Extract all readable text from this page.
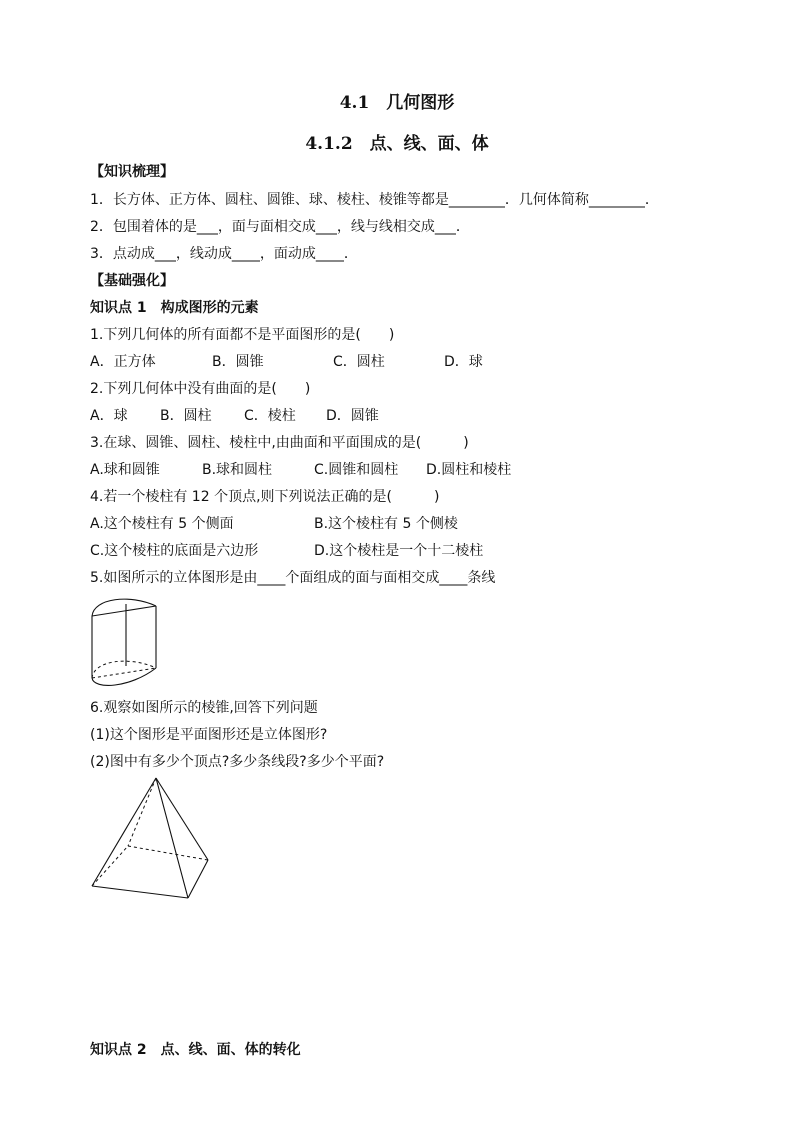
4.1　几何图形
4.1.2　点、线、面、体
【知识梳理】
1．长方体、正方体、圆柱、圆锥、球、棱柱、棱锥等都是________．几何体简称________．
2．包围着体的是___，面与面相交成___，线与线相交成___．
3．点动成___，线动成____，面动成____．
【基础强化】
知识点 1　构成图形的元素
1.下列几何体的所有面都不是平面图形的是(　　)
A．正方体	B．圆锥	C．圆柱	D．球
2.下列几何体中没有曲面的是(　　)
A．球 B．圆柱 C．棱柱 D．圆锥
3.在球、圆锥、圆柱、棱柱中,由曲面和平面围成的是(　　　)
A.球和圆锥	B.球和圆柱	C.圆锥和圆柱 D.圆柱和棱柱
4.若一个棱柱有 12 个顶点,则下列说法正确的是(　　　)
A.这个棱柱有 5 个侧面	B.这个棱柱有 5 个侧棱
C.这个棱柱的底面是六边形	D.这个棱柱是一个十二棱柱
5.如图所示的立体图形是由____个面组成的面与面相交成____条线
6.观察如图所示的棱锥,回答下列问题
(1)这个图形是平面图形还是立体图形?
(2)图中有多少个顶点?多少条线段?多少个平面?
知识点 2　点、线、面、体的转化
